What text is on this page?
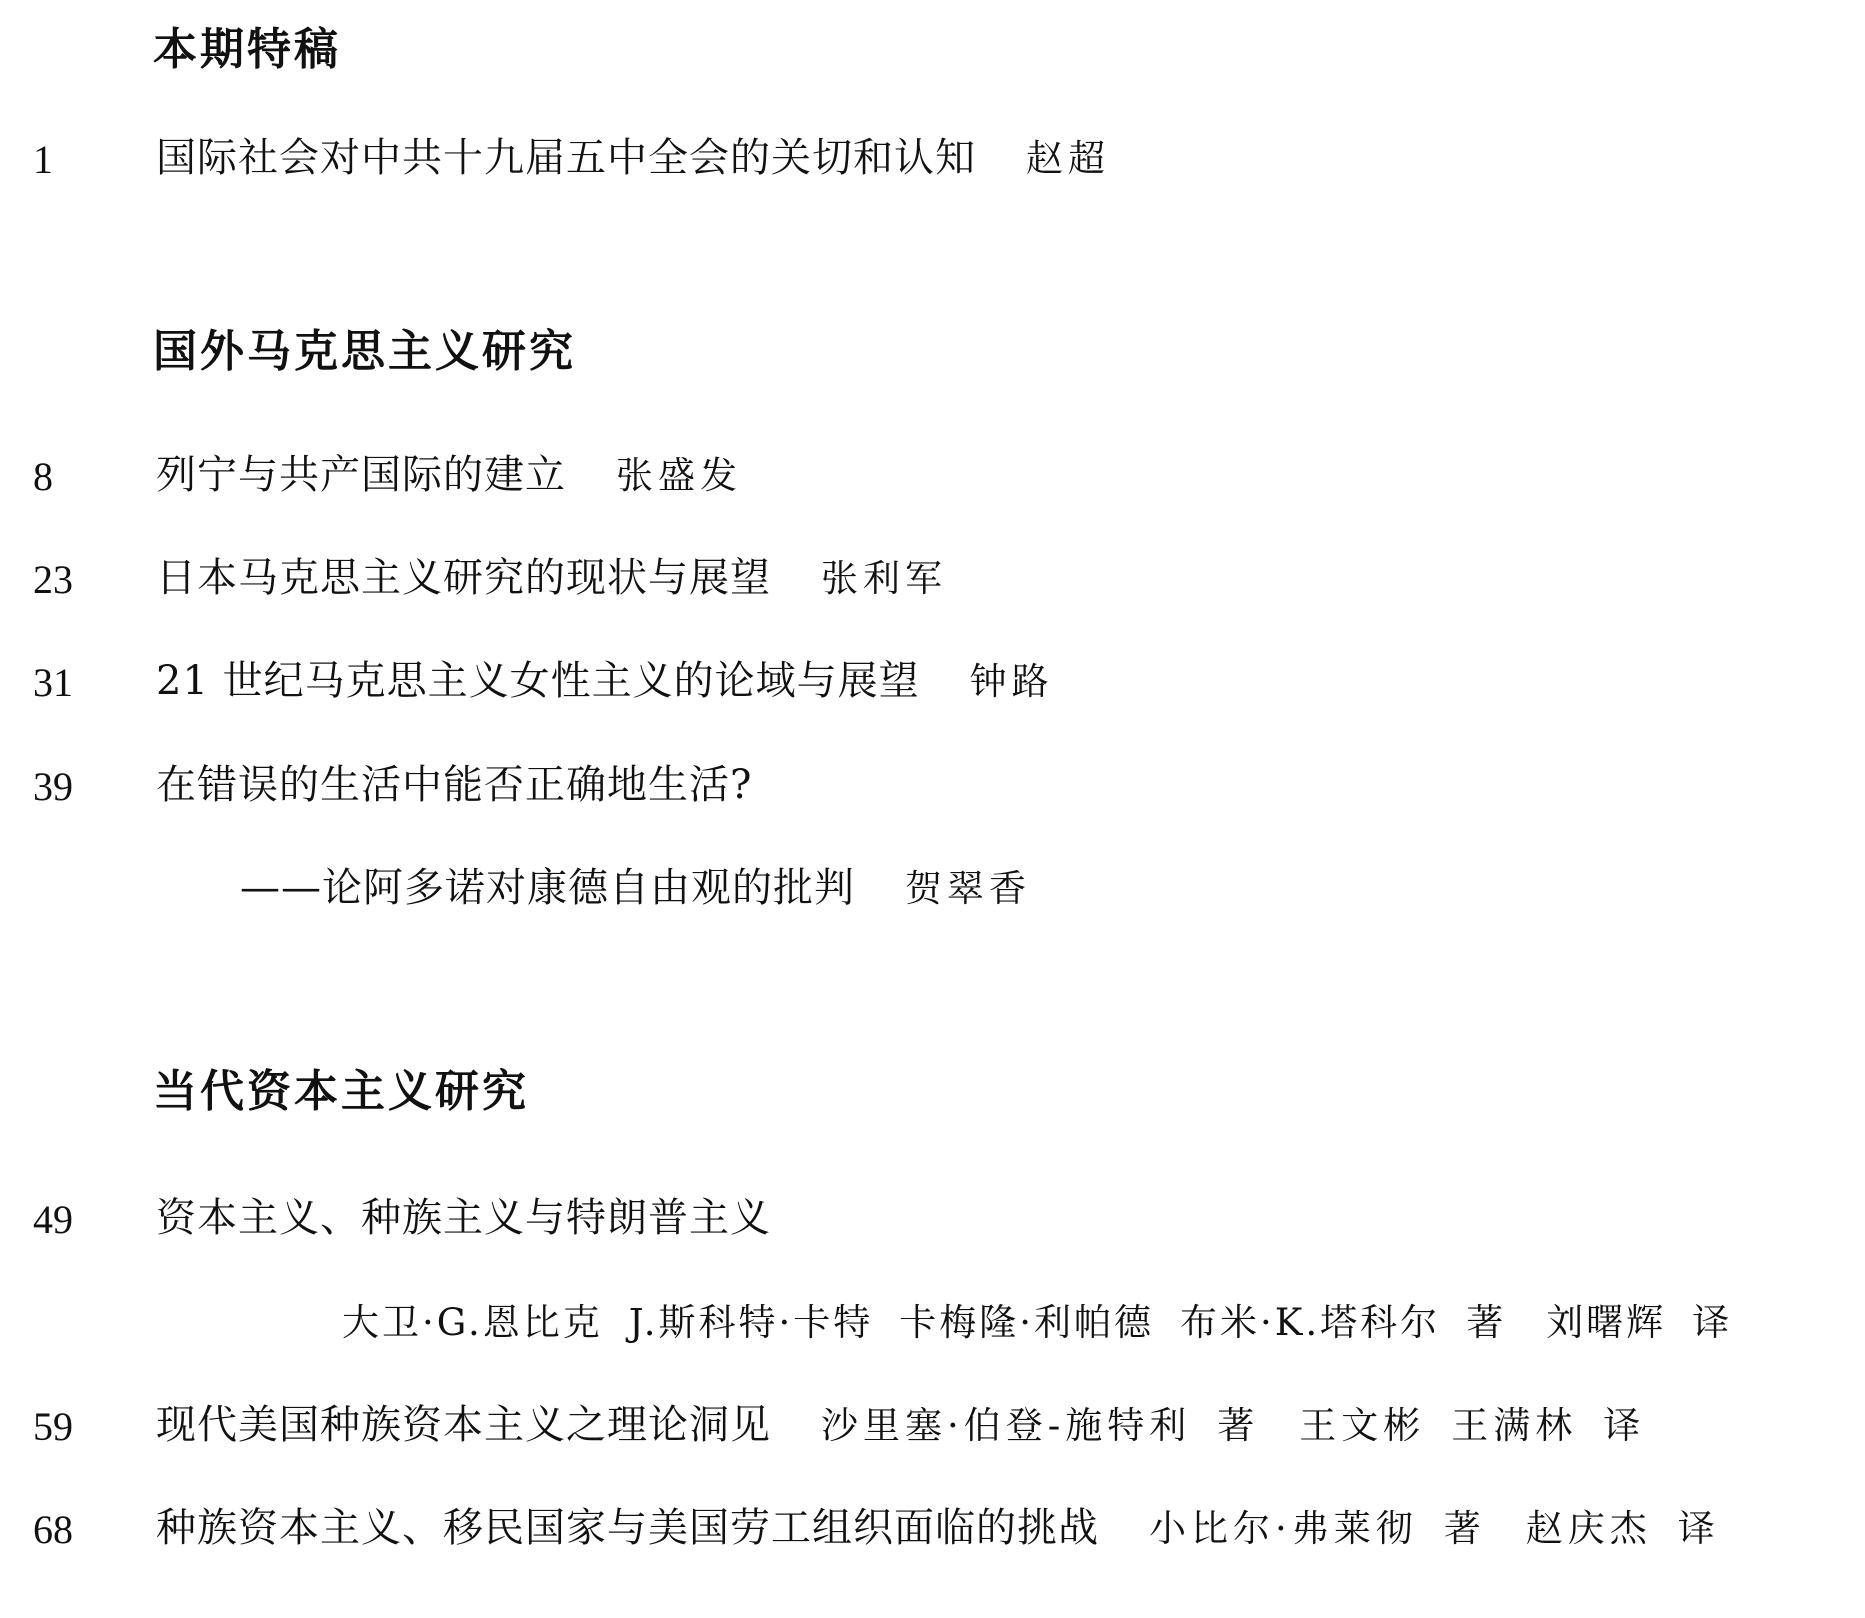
本期特稿
1	国际社会对中共十九届五中全会的关切和认知 赵超
国外马克思主义研究
8	列宁与共产国际的建立 张盛发
23 日本马克思主义研究的现状与展望 张利军
31 21 世纪马克思主义女性主义的论域与展望 钟路
39 在错误的生活中能否正确地生活?
——论阿多诺对康德自由观的批判 贺翠香
当代资本主义研究
49 资本主义、种族主义与特朗普主义
大卫·G.恩比克 J.斯科特·卡特 卡梅隆·利帕德 布米·K.塔科尔 著 刘曙辉 译
59 现代美国种族资本主义之理论洞见 沙里塞·伯登-施特利 著 王文彬 王满林 译
68 种族资本主义、移民国家与美国劳工组织面临的挑战 小比尔·弗莱彻 著 赵庆杰 译
